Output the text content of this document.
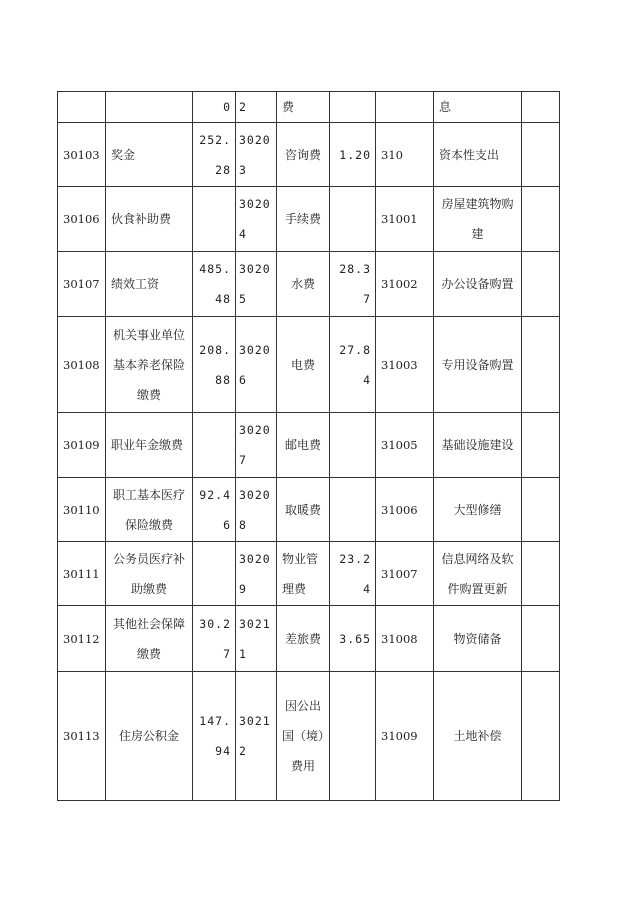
		0	2	费			息	
30103	奖金	252.28	30203	咨询费	1.20	310	资本性支出	
30106	伙食补助费		30204	手续费		31001	房屋建筑物购建	
30107	绩效工资	485.48	30205	水费	28.37	31002	办公设备购置	
30108	机关事业单位基本养老保险缴费	208.88	30206	电费	27.84	31003	专用设备购置	
30109	职业年金缴费		30207	邮电费		31005	基础设施建设	
30110	职工基本医疗保险缴费	92.46	30208	取暖费		31006	大型修缮	
30111	公务员医疗补助缴费		30209	物业管理费	23.24	31007	信息网络及软件购置更新	
30112	其他社会保障缴费	30.27	30211	差旅费	3.65	31008	物资储备	
30113	住房公积金	147.94	30212	因公出国（境）费用		31009	土地补偿	
